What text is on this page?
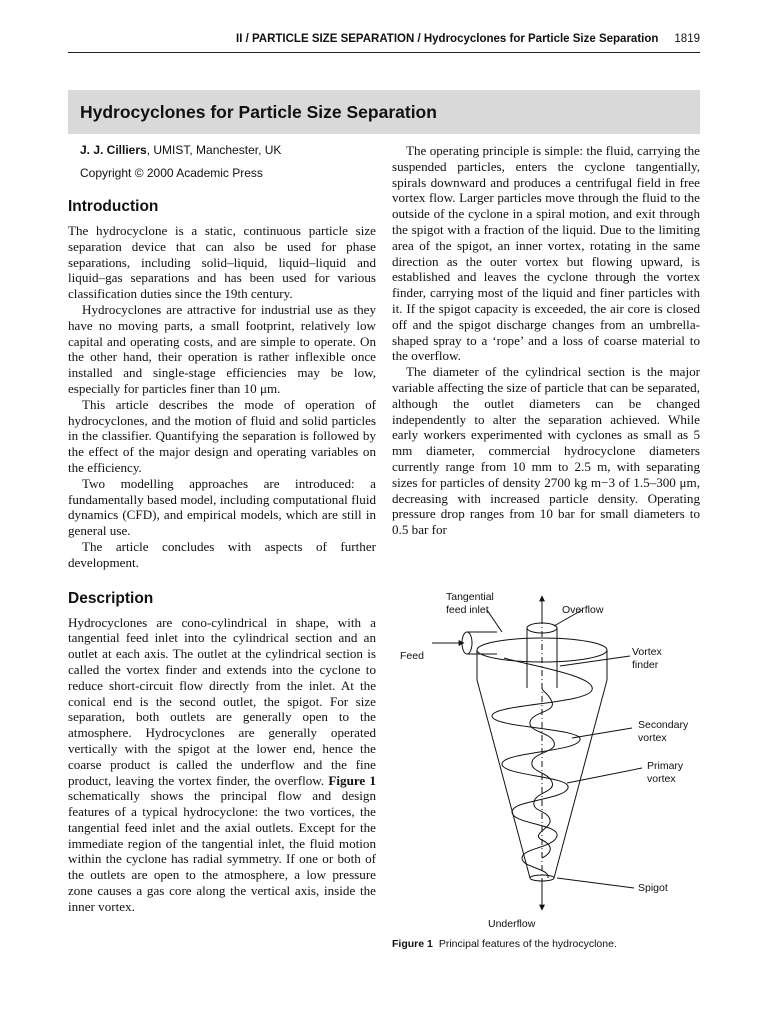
II / PARTICLE SIZE SEPARATION / Hydrocyclones for Particle Size Separation 1819
Hydrocyclones for Particle Size Separation
J. J. Cilliers, UMIST, Manchester, UK
Copyright © 2000 Academic Press
Introduction

The hydrocyclone is a static, continuous particle size separation device that can also be used for phase separations, including solid–liquid, liquid–liquid and liquid–gas separations and has been used for various classification duties since the 19th century.

Hydrocyclones are attractive for industrial use as they have no moving parts, a small footprint, relatively low capital and operating costs, and are simple to operate. On the other hand, their operation is rather inflexible once installed and single-stage efficiencies may be low, especially for particles finer than 10 μm.

This article describes the mode of operation of hydrocyclones, and the motion of fluid and solid particles in the classifier. Quantifying the separation is followed by the effect of the major design and operating variables on the efficiency.

Two modelling approaches are introduced: a fundamentally based model, including computational fluid dynamics (CFD), and empirical models, which are still in general use.

The article concludes with aspects of further development.

Description

Hydrocyclones are cono-cylindrical in shape, with a tangential feed inlet into the cylindrical section and an outlet at each axis. The outlet at the cylindrical section is called the vortex finder and extends into the cyclone to reduce short-circuit flow directly from the inlet. At the conical end is the second outlet, the spigot. For size separation, both outlets are generally open to the atmosphere. Hydrocyclones are generally operated vertically with the spigot at the lower end, hence the coarse product is called the underflow and the fine product, leaving the vortex finder, the overflow. Figure 1 schematically shows the principal flow and design features of a typical hydrocyclone: the two vortices, the tangential feed inlet and the axial outlets. Except for the immediate region of the tangential inlet, the fluid motion within the cyclone has radial symmetry. If one or both of the outlets are open to the atmosphere, a low pressure zone causes a gas core along the vertical axis, inside the inner vortex.

The operating principle is simple: the fluid, carrying the suspended particles, enters the cyclone tangentially, spirals downward and produces a centrifugal field in free vortex flow. Larger particles move through the fluid to the outside of the cyclone in a spiral motion, and exit through the spigot with a fraction of the liquid. Due to the limiting area of the spigot, an inner vortex, rotating in the same direction as the outer vortex but flowing upward, is established and leaves the cyclone through the vortex finder, carrying most of the liquid and finer particles with it. If the spigot capacity is exceeded, the air core is closed off and the spigot discharge changes from an umbrella-shaped spray to a ‘rope’ and a loss of coarse material to the overflow.

The diameter of the cylindrical section is the major variable affecting the size of particle that can be separated, although the outlet diameters can be changed independently to alter the separation achieved. While early workers experimented with cyclones as small as 5 mm diameter, commercial hydrocyclone diameters currently range from 10 mm to 2.5 m, with separating sizes for particles of density 2700 kg m−3 of 1.5–300 μm, decreasing with increased particle density. Operating pressure drop ranges from 10 bar for small diameters to 0.5 bar for

Tangential
feed inlet	Overflow
Feed	Vortex
finder
Secondary
vortex
Primary
vortex
Spigot
Underflow
Figure 1 Principal features of the hydrocyclone.
